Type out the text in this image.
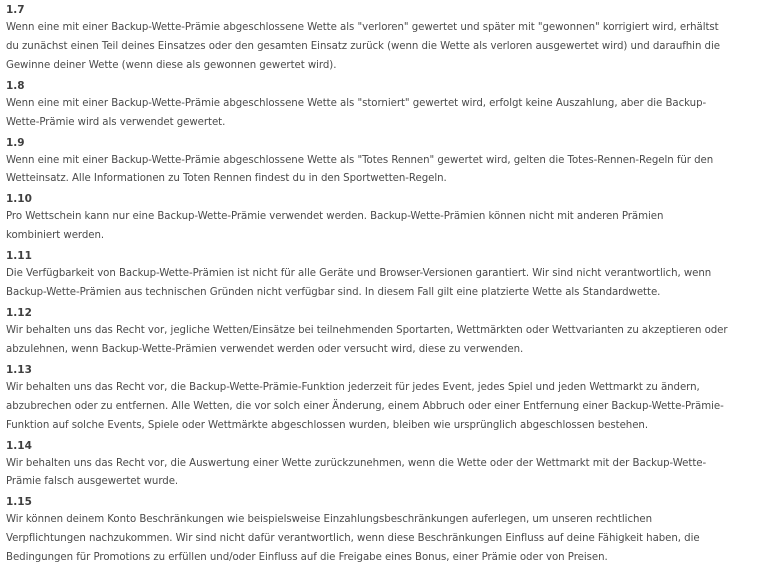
1.7
Wenn eine mit einer Backup-Wette-Prämie abgeschlossene Wette als "verloren" gewertet und später mit "gewonnen" korrigiert wird, erhältst
du zunächst einen Teil deines Einsatzes oder den gesamten Einsatz zurück (wenn die Wette als verloren ausgewertet wird) und daraufhin die
Gewinne deiner Wette (wenn diese als gewonnen gewertet wird).
1.8
Wenn eine mit einer Backup-Wette-Prämie abgeschlossene Wette als "storniert" gewertet wird, erfolgt keine Auszahlung, aber die Backup-
Wette-Prämie wird als verwendet gewertet.
1.9
Wenn eine mit einer Backup-Wette-Prämie abgeschlossene Wette als "Totes Rennen" gewertet wird, gelten die Totes-Rennen-Regeln für den
Wetteinsatz. Alle Informationen zu Toten Rennen findest du in den Sportwetten-Regeln.
1.10
Pro Wettschein kann nur eine Backup-Wette-Prämie verwendet werden. Backup-Wette-Prämien können nicht mit anderen Prämien
kombiniert werden.
1.11
Die Verfügbarkeit von Backup-Wette-Prämien ist nicht für alle Geräte und Browser-Versionen garantiert. Wir sind nicht verantwortlich, wenn
Backup-Wette-Prämien aus technischen Gründen nicht verfügbar sind. In diesem Fall gilt eine platzierte Wette als Standardwette.
1.12
Wir behalten uns das Recht vor, jegliche Wetten/Einsätze bei teilnehmenden Sportarten, Wettmärkten oder Wettvarianten zu akzeptieren oder
abzulehnen, wenn Backup-Wette-Prämien verwendet werden oder versucht wird, diese zu verwenden.
1.13
Wir behalten uns das Recht vor, die Backup-Wette-Prämie-Funktion jederzeit für jedes Event, jedes Spiel und jeden Wettmarkt zu ändern,
abzubrechen oder zu entfernen. Alle Wetten, die vor solch einer Änderung, einem Abbruch oder einer Entfernung einer Backup-Wette-Prämie-
Funktion auf solche Events, Spiele oder Wettmärkte abgeschlossen wurden, bleiben wie ursprünglich abgeschlossen bestehen.
1.14
Wir behalten uns das Recht vor, die Auswertung einer Wette zurückzunehmen, wenn die Wette oder der Wettmarkt mit der Backup-Wette-
Prämie falsch ausgewertet wurde.
1.15
Wir können deinem Konto Beschränkungen wie beispielsweise Einzahlungsbeschränkungen auferlegen, um unseren rechtlichen
Verpflichtungen nachzukommen. Wir sind nicht dafür verantwortlich, wenn diese Beschränkungen Einfluss auf deine Fähigkeit haben, die
Bedingungen für Promotions zu erfüllen und/oder Einfluss auf die Freigabe eines Bonus, einer Prämie oder von Preisen.
